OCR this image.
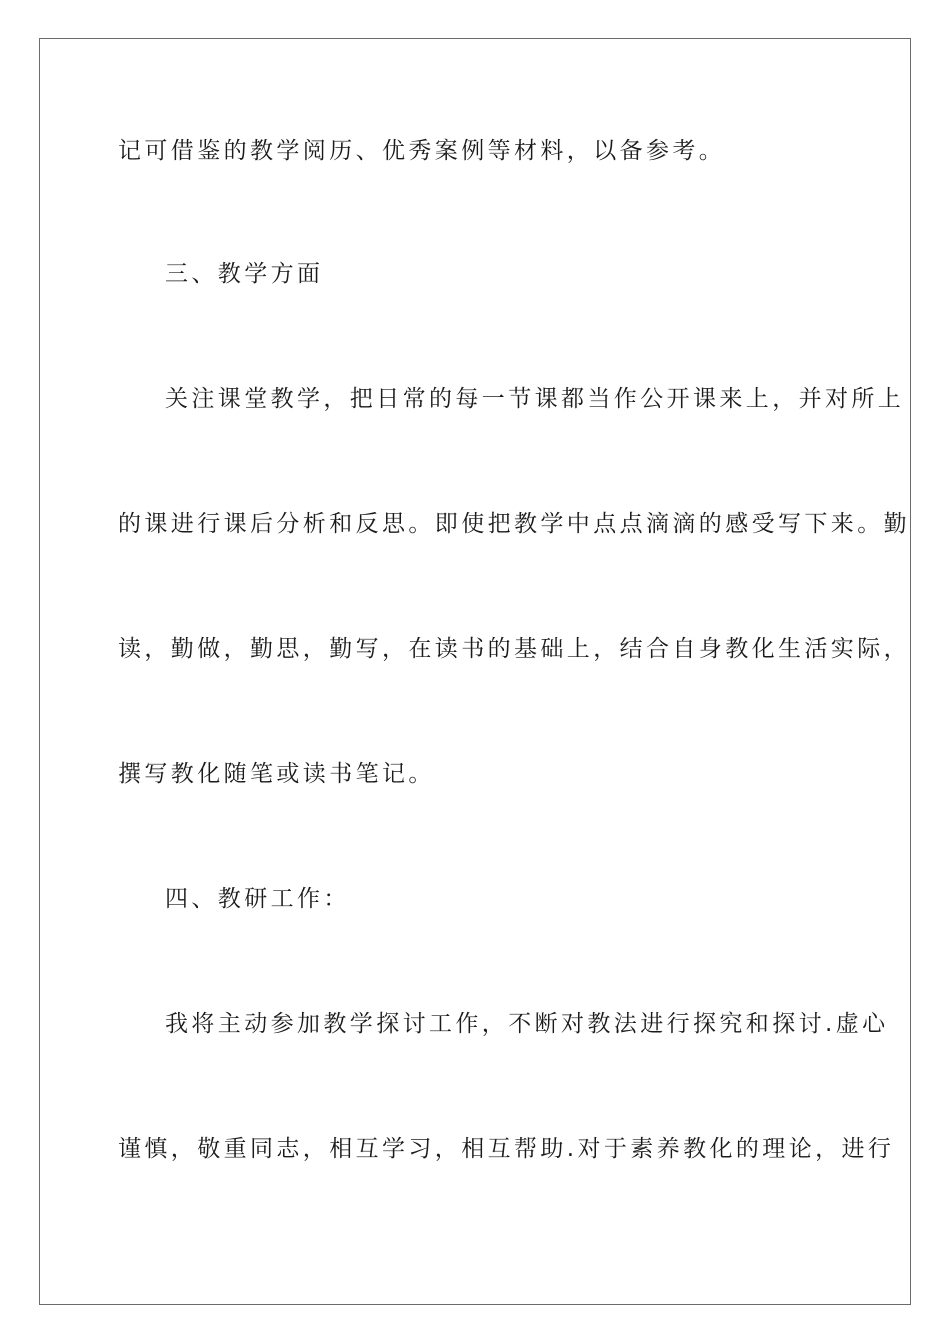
记可借鉴的教学阅历、优秀案例等材料，以备参考。

三、教学方面

关注课堂教学，把日常的每一节课都当作公开课来上，并对所上

的课进行课后分析和反思。即使把教学中点点滴滴的感受写下来。勤

读，勤做，勤思，勤写，在读书的基础上，结合自身教化生活实际，

撰写教化随笔或读书笔记。

四、教研工作：

我将主动参加教学探讨工作，不断对教法进行探究和探讨.虚心

谨慎，敬重同志，相互学习，相互帮助.对于素养教化的理论，进行
